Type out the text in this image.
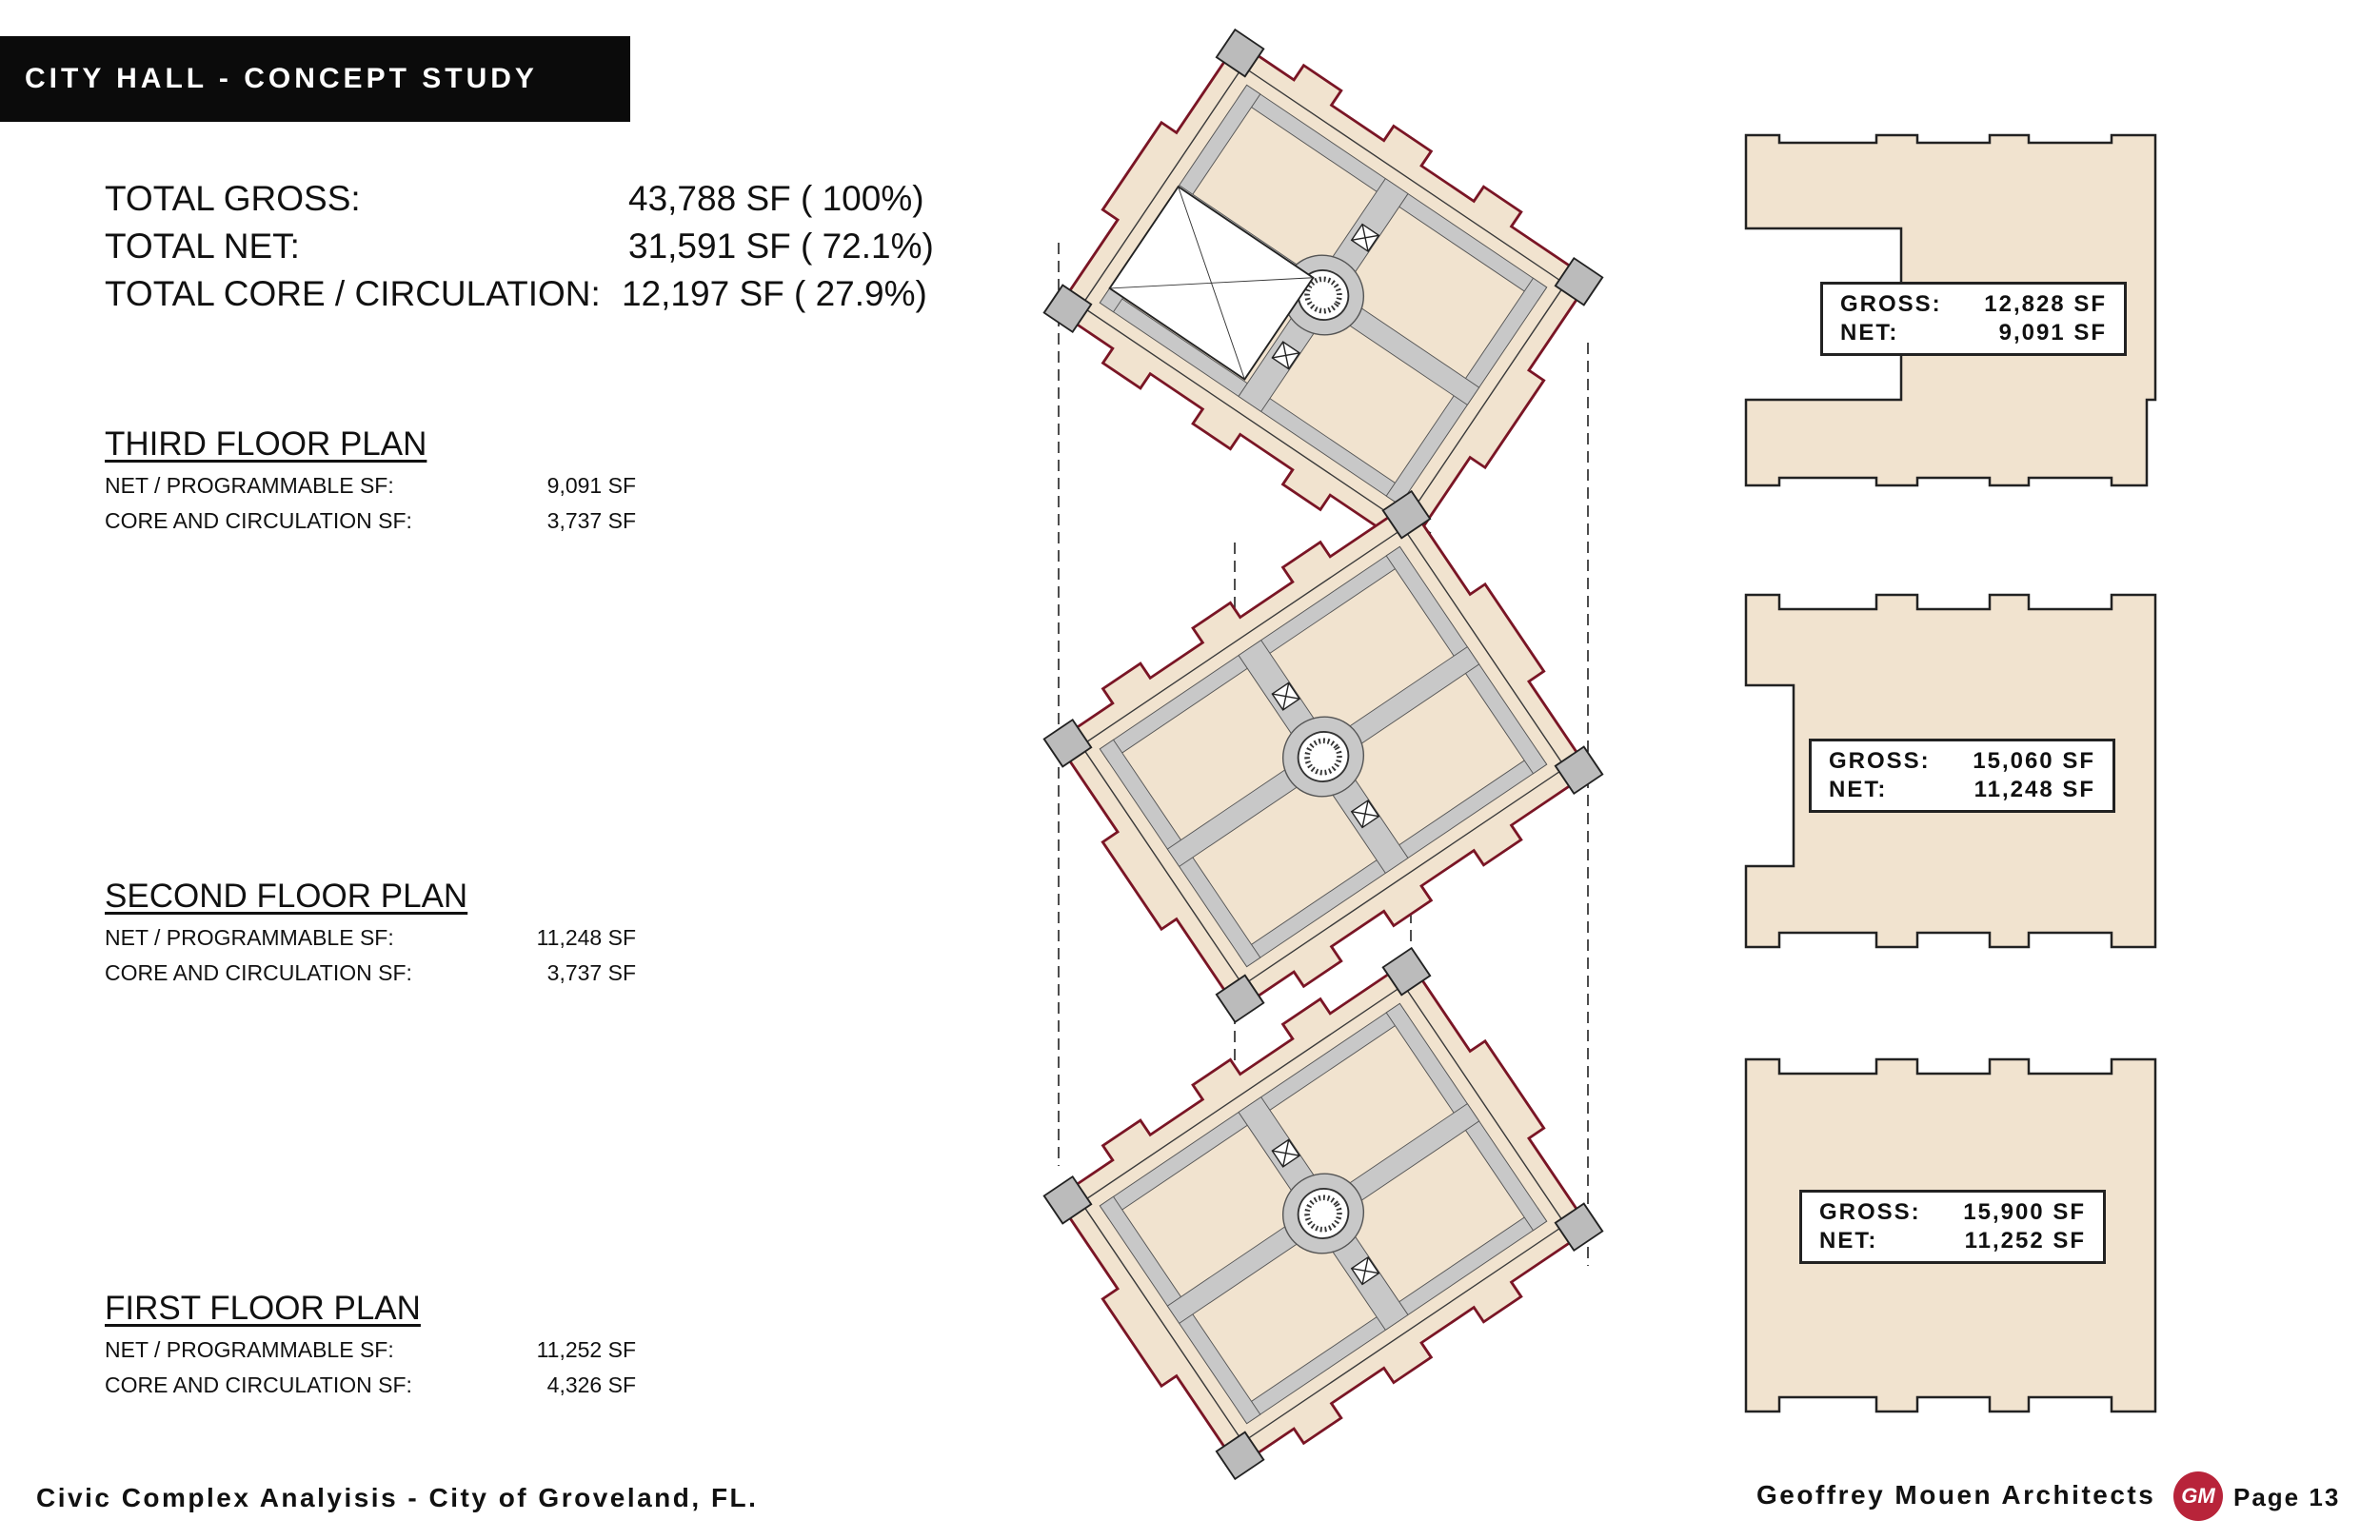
CITY HALL - CONCEPT STUDY
TOTAL GROSS:	43,788 SF ( 100%)
TOTAL NET:	31,591 SF ( 72.1%)
TOTAL CORE / CIRCULATION: 12,197 SF ( 27.9%)
THIRD FLOOR PLAN
NET / PROGRAMMABLE SF:	9,091 SF
CORE AND CIRCULATION SF:	3,737 SF
SECOND FLOOR PLAN
NET / PROGRAMMABLE SF:	11,248 SF
CORE AND CIRCULATION SF:	3,737 SF
FIRST FLOOR PLAN
NET / PROGRAMMABLE SF:	11,252 SF
CORE AND CIRCULATION SF:	4,326 SF
GROSS: 12,828 SF
NET:	9,091 SF
GROSS: 15,060 SF
NET:	11,248 SF
GROSS: 15,900 SF
NET:	11,252 SF
Civic Complex Analyisis - City of Groveland, FL.	Geoffrey Mouen Architects GM Page 13
